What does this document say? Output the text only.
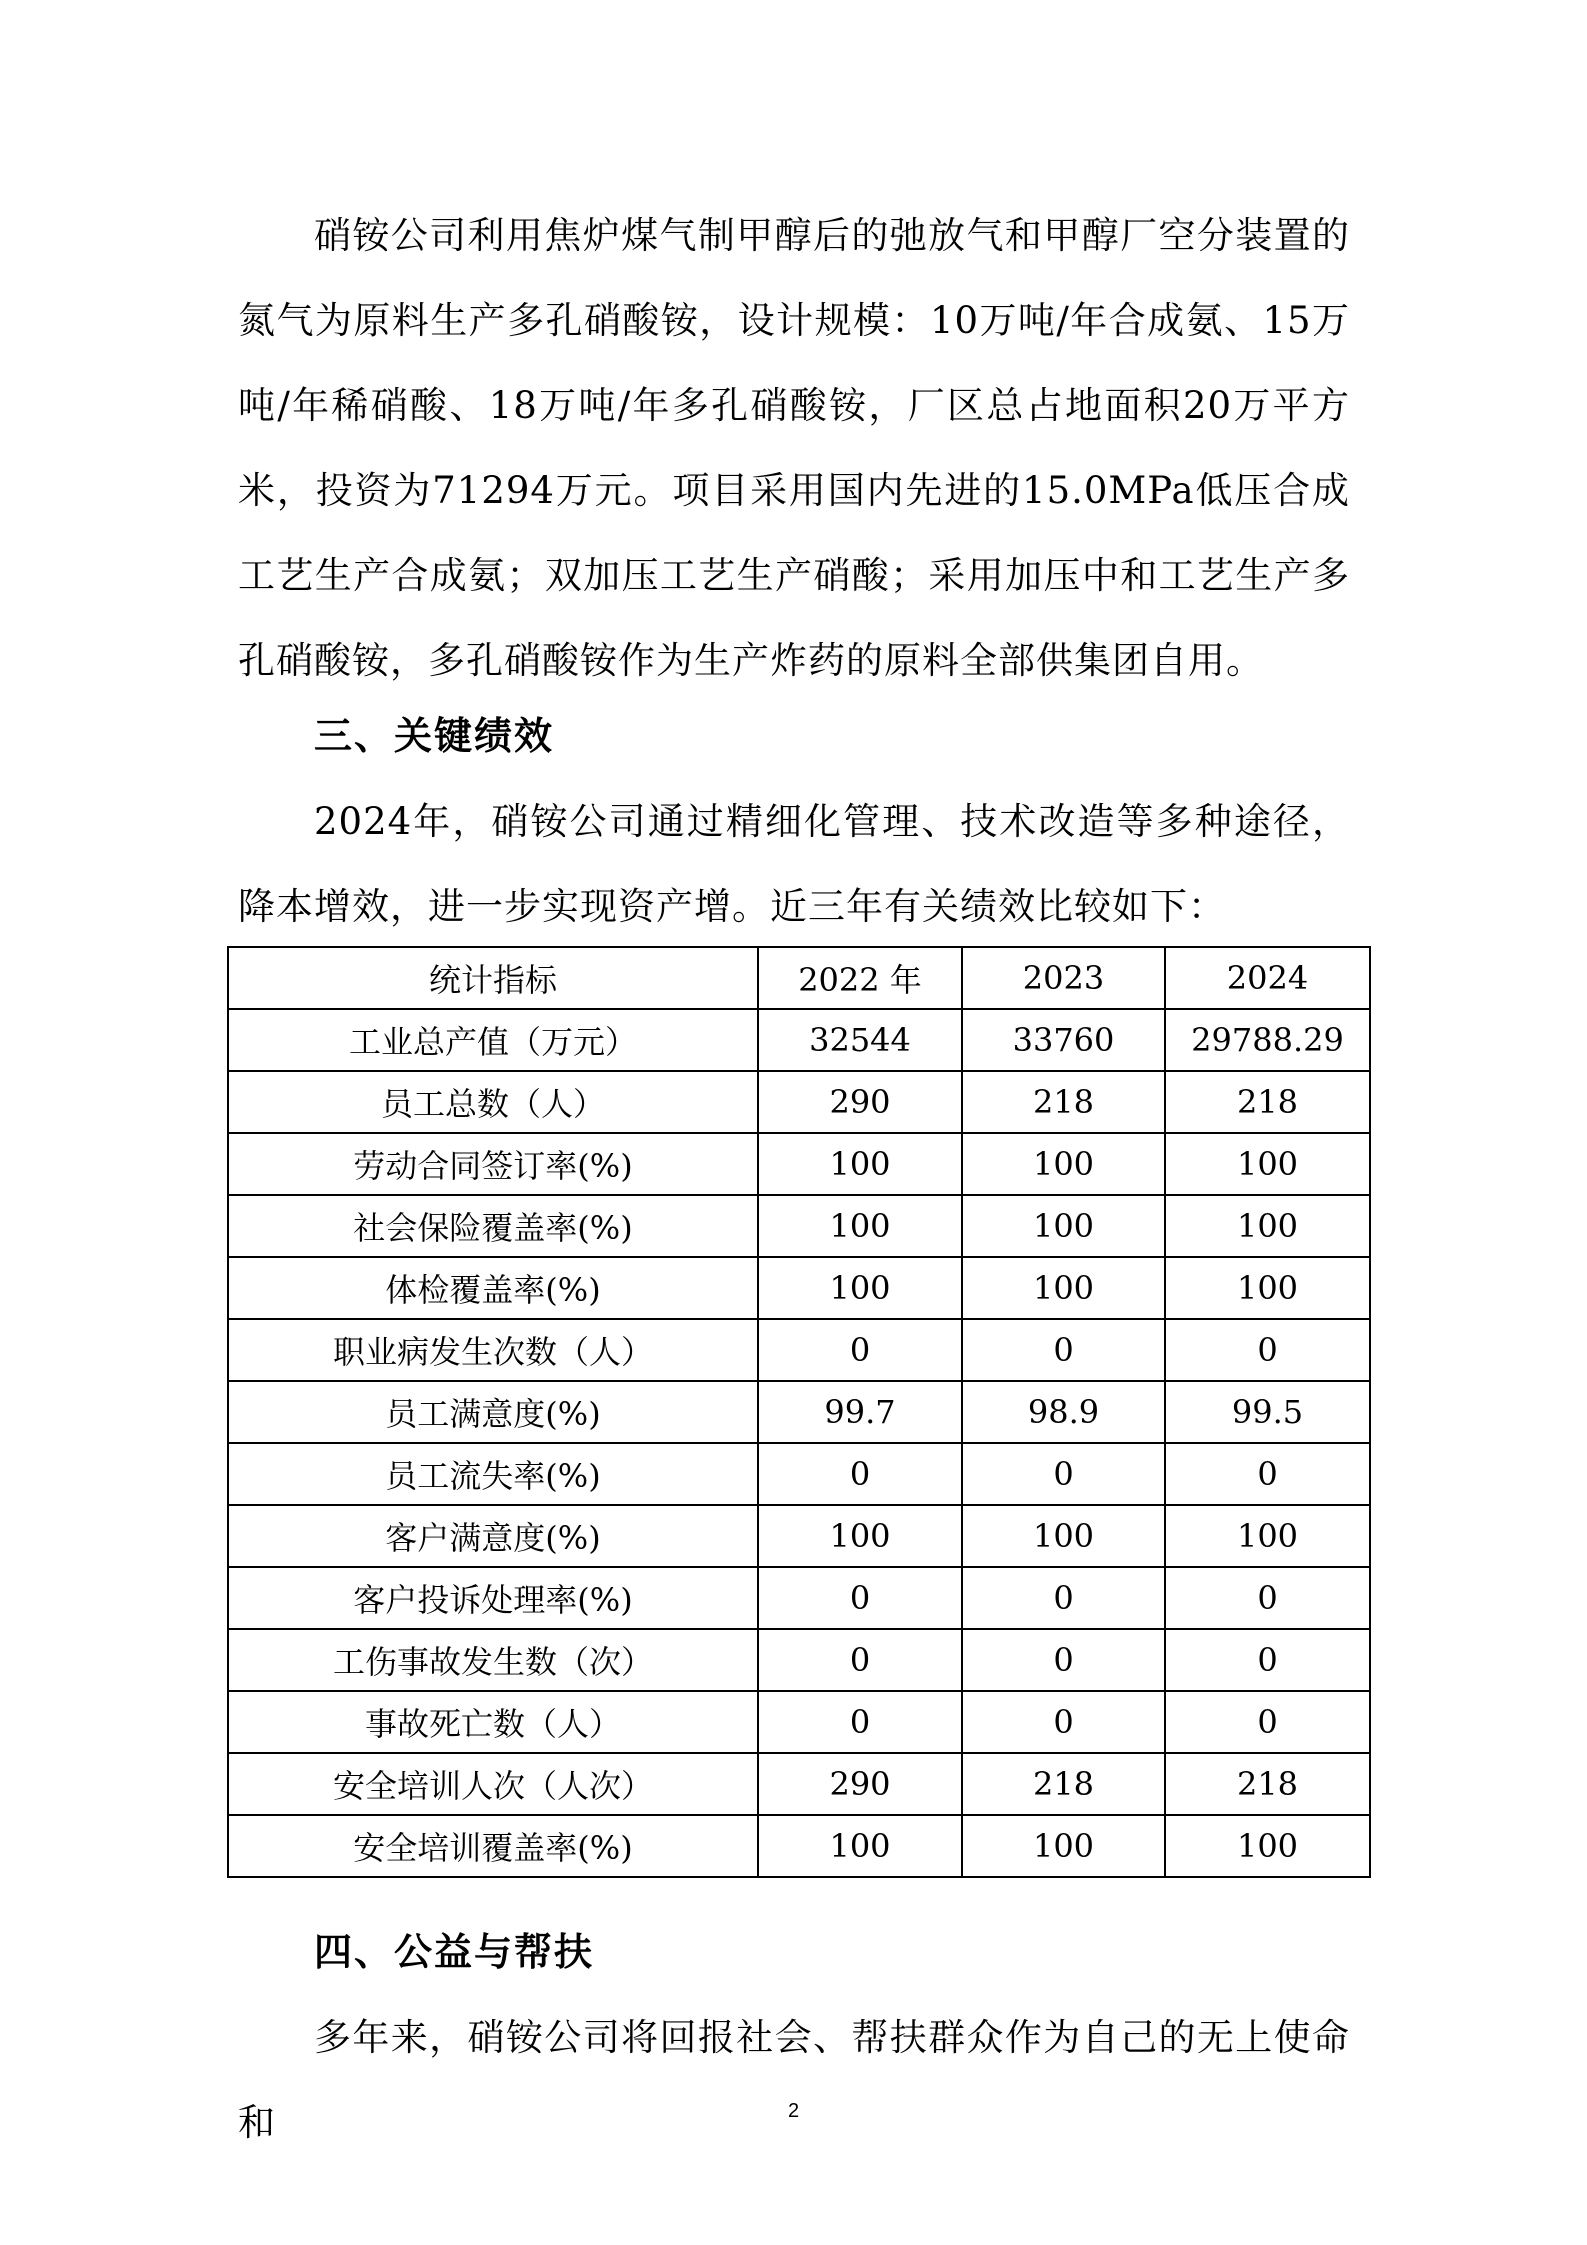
硝铵公司利用焦炉煤气制甲醇后的弛放气和甲醇厂空分装置的氮气为原料生产多孔硝酸铵，设计规模：10万吨/年合成氨、15万吨/年稀硝酸、18万吨/年多孔硝酸铵，厂区总占地面积20万平方米，投资为71294万元。项目采用国内先进的15.0MPa低压合成工艺生产合成氨；双加压工艺生产硝酸；采用加压中和工艺生产多孔硝酸铵，多孔硝酸铵作为生产炸药的原料全部供集团自用。

三、关键绩效

2024年，硝铵公司通过精细化管理、技术改造等多种途径，降本增效，进一步实现资产增。近三年有关绩效比较如下：

统计指标	2022 年	2023	2024
工业总产值（万元）	32544	33760	29788.29
员工总数（人）	290	218	218
劳动合同签订率(%)	100	100	100
社会保险覆盖率(%)	100	100	100
体检覆盖率(%)	100	100	100
职业病发生次数（人）	0	0	0
员工满意度(%)	99.7	98.9	99.5
员工流失率(%)	0	0	0
客户满意度(%)	100	100	100
客户投诉处理率(%)	0	0	0
工伤事故发生数（次）	0	0	0
事故死亡数（人）	0	0	0
安全培训人次（人次）	290	218	218
安全培训覆盖率(%)	100	100	100
四、公益与帮扶

多年来，硝铵公司将回报社会、帮扶群众作为自己的无上使命和	2
